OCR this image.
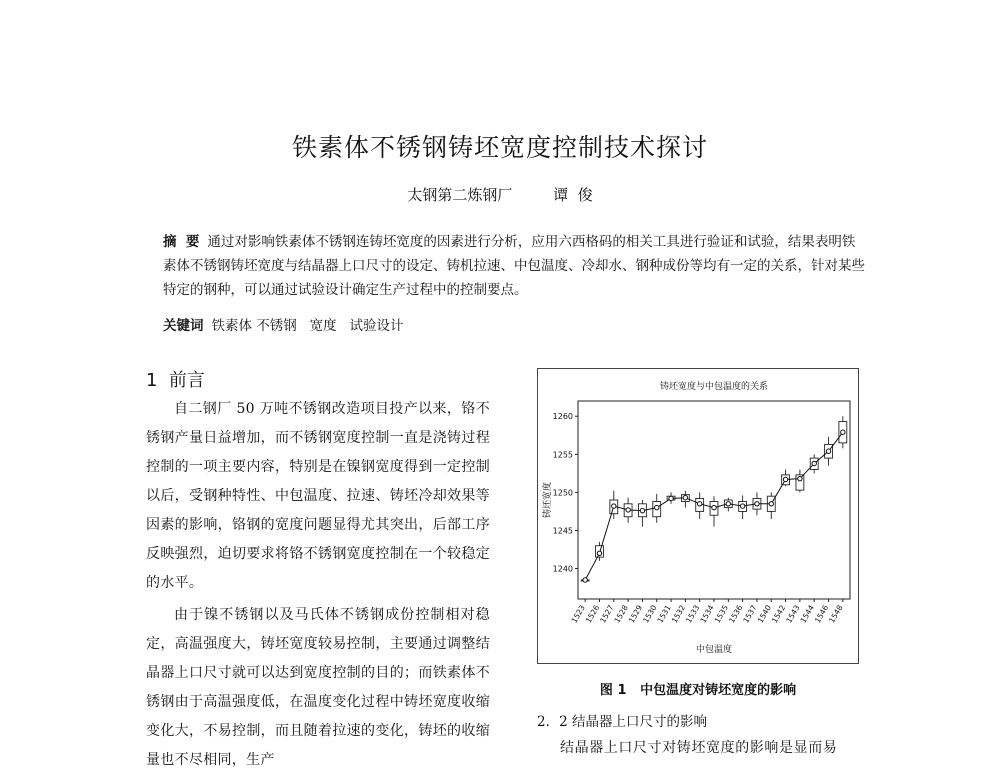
铁素体不锈钢铸坯宽度控制技术探讨
太钢第二炼钢厂	谭  俊
摘  要 通过对影响铁素体不锈钢连铸坯宽度的因素进行分析，应用六西格码的相关工具进行验证和试验，结果表明铁素体不锈钢铸坯宽度与结晶器上口尺寸的设定、铸机拉速、中包温度、冷却水、钢种成份等均有一定的关系，针对某些特定的钢种，可以通过试验设计确定生产过程中的控制要点。
关键词 铁素体 不锈钢   宽度   试验设计
1  前言

自二钢厂 50 万吨不锈钢改造项目投产以来，铬不锈钢产量日益增加，而不锈钢宽度控制一直是浇铸过程控制的一项主要内容，特别是在镍钢宽度得到一定控制以后，受钢种特性、中包温度、拉速、铸坯冷却效果等因素的影响，铬钢的宽度问题显得尤其突出，后部工序反映强烈，迫切要求将铬不锈钢宽度控制在一个较稳定的水平。

由于镍不锈钢以及马氏体不锈钢成份控制相对稳定，高温强度大，铸坯宽度较易控制，主要通过调整结晶器上口尺寸就可以达到宽度控制的目的；而铁素体不锈钢由于高温强度低，在温度变化过程中铸坯宽度收缩变化大，不易控制，而且随着拉速的变化，铸坯的收缩量也不尽相同，生产

铸坯宽度与中包温度的关系
1240
1245
1250
1255
1260
铸坯宽度
1523
1526
1527
1528
1529
1530
1531
1532
1533
1534
1535
1536
1537
1540
1542
1543
1544
1546
1548
中包温度
图 1   中包温度对铸坯宽度的影响
2．2 结晶器上口尺寸的影响
结晶器上口尺寸对铸坯宽度的影响是显而易
